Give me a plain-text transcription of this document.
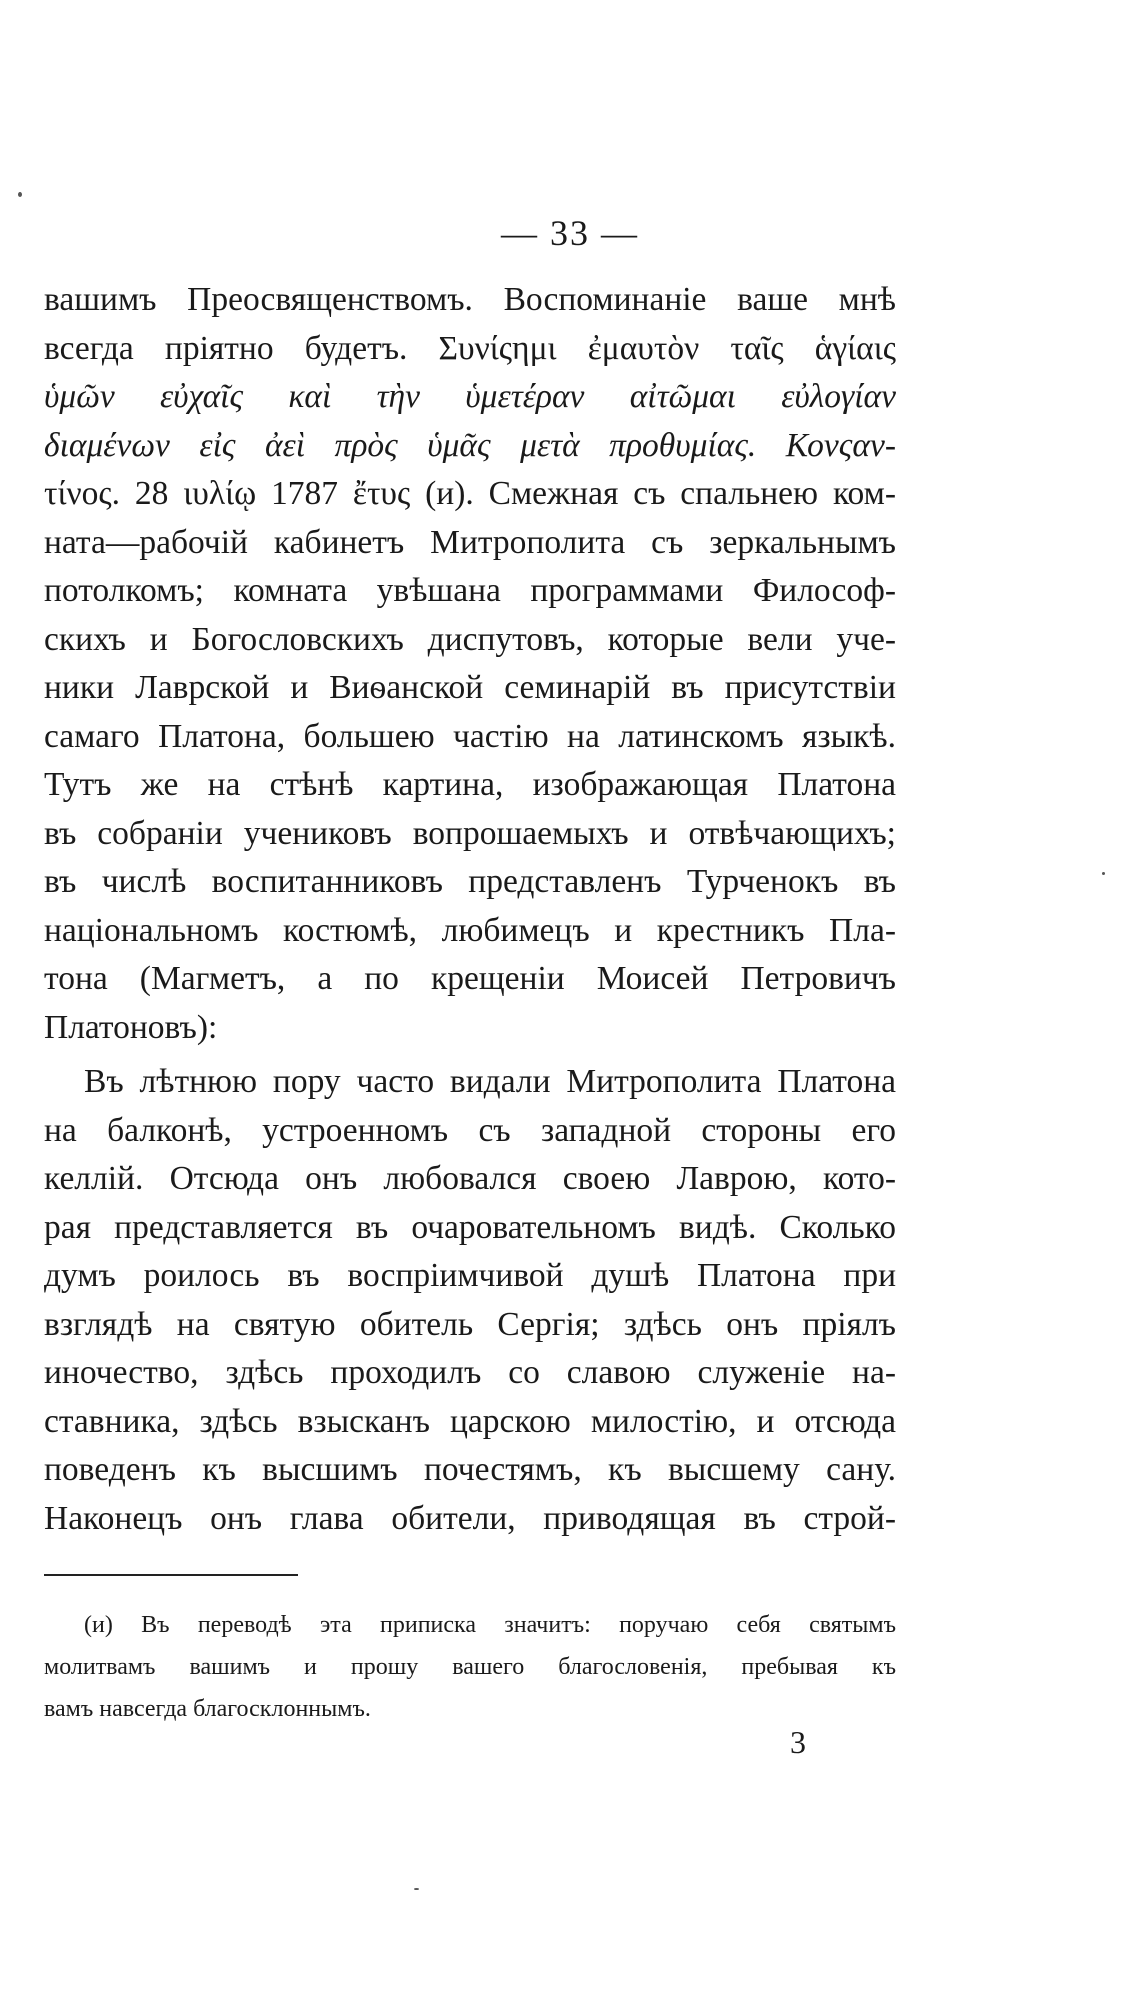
— 33 —
вашимъ Преосвященствомъ. Воспоминаніе ваше мнѣ
всегда пріятно будетъ. Συνίςημι ἐμαυτὸν ταῖς ἁγίαις
ὑμῶν εὐχαῖς καὶ τὴν ὑμετέραν αἰτῶμαι εὐλογίαν
διαμένων εἰς ἀεὶ πρὸς ὑμᾶς μετὰ προθυμίας. Κονςαν-
τίνος. 28 ιυλίῳ 1787 ἔτυς (и). Смежная съ спальнею ком-
ната—рабочій кабинетъ Митрополита съ зеркальнымъ
потолкомъ; комната увѣшана программами Философ-
скихъ и Богословскихъ диспутовъ, которые вели уче-
ники Лаврской и Виѳанской семинарій въ присутствіи
самаго Платона, большею частію на латинскомъ языкѣ.
Тутъ же на стѣнѣ картина, изображающая Платона
въ собраніи учениковъ вопрошаемыхъ и отвѣчающихъ;
въ числѣ воспитанниковъ представленъ Турченокъ въ
національномъ костюмѣ, любимецъ и крестникъ Пла-
тона (Магметъ, а по крещеніи Моисей Петровичъ
Платоновъ):
Въ лѣтнюю пору часто видали Митрополита Платона
на балконѣ, устроенномъ съ западной стороны его
келлій. Отсюда онъ любовался своею Лаврою, кото-
рая представляется въ очаровательномъ видѣ. Сколько
думъ роилось въ воспріимчивой душѣ Платона при
взглядѣ на святую обитель Сергія; здѣсь онъ пріялъ
иночество, здѣсь проходилъ со славою служеніе на-
ставника, здѣсь взысканъ царскою милостію, и отсюда
поведенъ къ высшимъ почестямъ, къ высшему сану.
Наконецъ онъ глава обители, приводящая въ строй-
(и) Въ переводѣ эта приписка значитъ: поручаю себя святымъ
молитвамъ вашимъ и прошу вашего благословенія, пребывая къ
вамъ навсегда благосклоннымъ.
3
